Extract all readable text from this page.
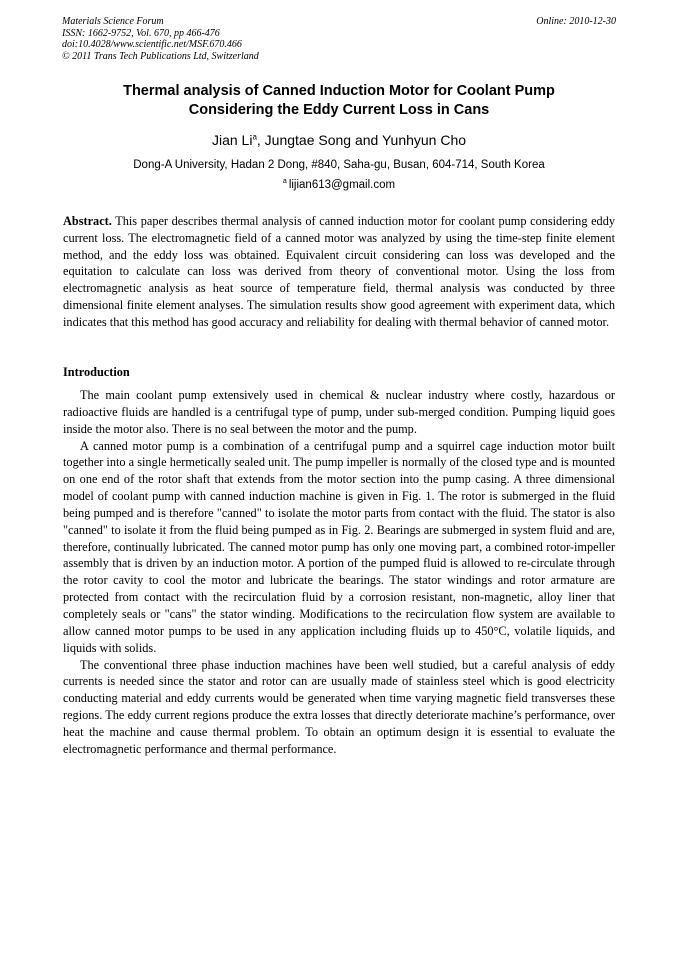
Materials Science Forum
ISSN: 1662-9752, Vol. 670, pp 466-476
doi:10.4028/www.scientific.net/MSF.670.466
© 2011 Trans Tech Publications Ltd, Switzerland
Online: 2010-12-30
Thermal analysis of Canned Induction Motor for Coolant Pump
Considering the Eddy Current Loss in Cans
Jian Li$^a$, Jungtae Song and Yunhyun Cho
Dong-A University, Hadan 2 Dong, #840, Saha-gu, Busan, 604-714, South Korea
$^a$ lijian613@gmail.com

Abstract. This paper describes thermal analysis of canned induction motor for coolant pump considering eddy current loss. The electromagnetic field of a canned motor was analyzed by using the time-step finite element method, and the eddy loss was obtained. Equivalent circuit considering can loss was developed and the equitation to calculate can loss was derived from theory of conventional motor. Using the loss from electromagnetic analysis as heat source of temperature field, thermal analysis was conducted by three dimensional finite element analyses. The simulation results show good agreement with experiment data, which indicates that this method has good accuracy and reliability for dealing with thermal behavior of canned motor.

Introduction

The main coolant pump extensively used in chemical & nuclear industry where costly, hazardous or radioactive fluids are handled is a centrifugal type of pump, under sub-merged condition. Pumping liquid goes inside the motor also. There is no seal between the motor and the pump.

A canned motor pump is a combination of a centrifugal pump and a squirrel cage induction motor built together into a single hermetically sealed unit. The pump impeller is normally of the closed type and is mounted on one end of the rotor shaft that extends from the motor section into the pump casing. A three dimensional model of coolant pump with canned induction machine is given in Fig. 1. The rotor is submerged in the fluid being pumped and is therefore "canned" to isolate the motor parts from contact with the fluid. The stator is also "canned" to isolate it from the fluid being pumped as in Fig. 2. Bearings are submerged in system fluid and are, therefore, continually lubricated. The canned motor pump has only one moving part, a combined rotor-impeller assembly that is driven by an induction motor. A portion of the pumped fluid is allowed to re-circulate through the rotor cavity to cool the motor and lubricate the bearings. The stator windings and rotor armature are protected from contact with the recirculation fluid by a corrosion resistant, non-magnetic, alloy liner that completely seals or "cans" the stator winding. Modifications to the recirculation flow system are available to allow canned motor pumps to be used in any application including fluids up to 450°C, volatile liquids, and liquids with solids.

The conventional three phase induction machines have been well studied, but a careful analysis of eddy currents is needed since the stator and rotor can are usually made of stainless steel which is good electricity conducting material and eddy currents would be generated when time varying magnetic field transverses these regions. The eddy current regions produce the extra losses that directly deteriorate machine’s performance, over heat the machine and cause thermal problem. To obtain an optimum design it is essential to evaluate the electromagnetic performance and thermal performance.
